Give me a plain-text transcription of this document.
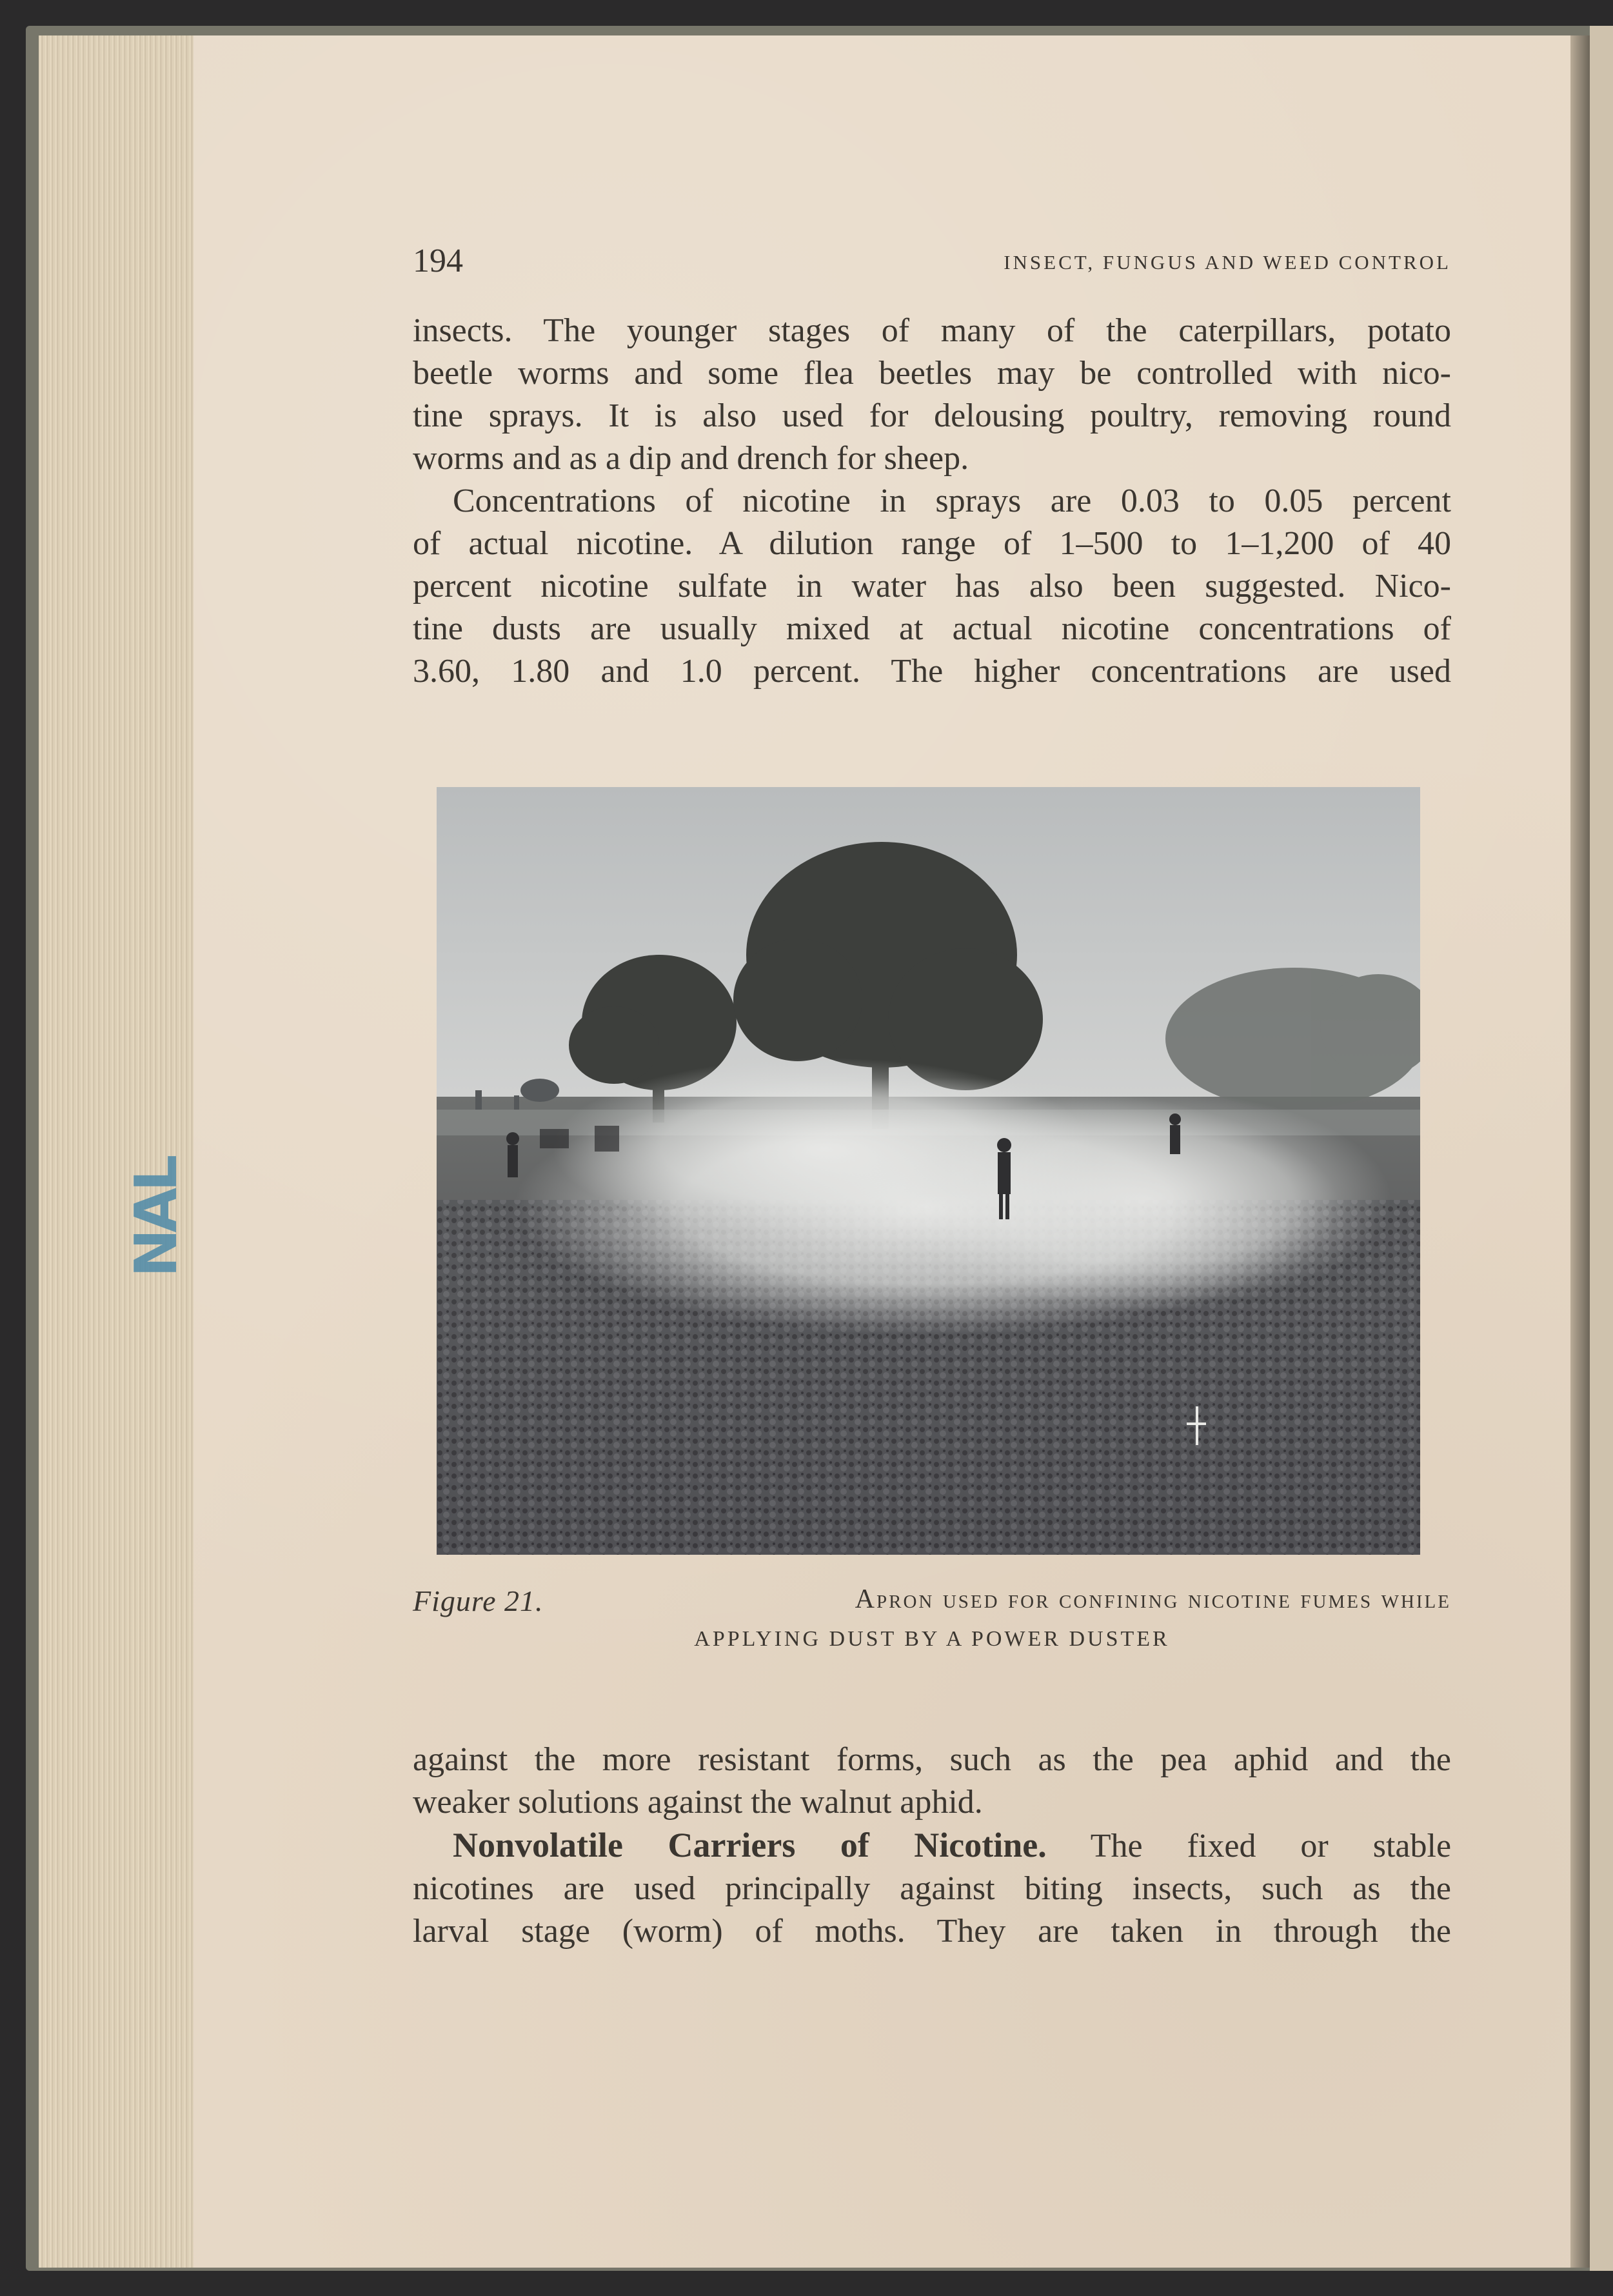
NAL
194	INSECT, FUNGUS AND WEED CONTROL
insects. The younger stages of many of the caterpillars, potato
beetle worms and some flea beetles may be controlled with nico-
tine sprays. It is also used for delousing poultry, removing round
worms and as a dip and drench for sheep.
Concentrations of nicotine in sprays are 0.03 to 0.05 percent
of actual nicotine. A dilution range of 1–500 to 1–1,200 of 40
percent nicotine sulfate in water has also been suggested. Nico-
tine dusts are usually mixed at actual nicotine concentrations of
3.60, 1.80 and 1.0 percent. The higher concentrations are used
Figure 21.	Apron used for confining nicotine fumes while
APPLYING DUST BY A POWER DUSTER
against the more resistant forms, such as the pea aphid and the
weaker solutions against the walnut aphid.
Nonvolatile Carriers of Nicotine. The fixed or stable
nicotines are used principally against biting insects, such as the
larval stage (worm) of moths. They are taken in through the
